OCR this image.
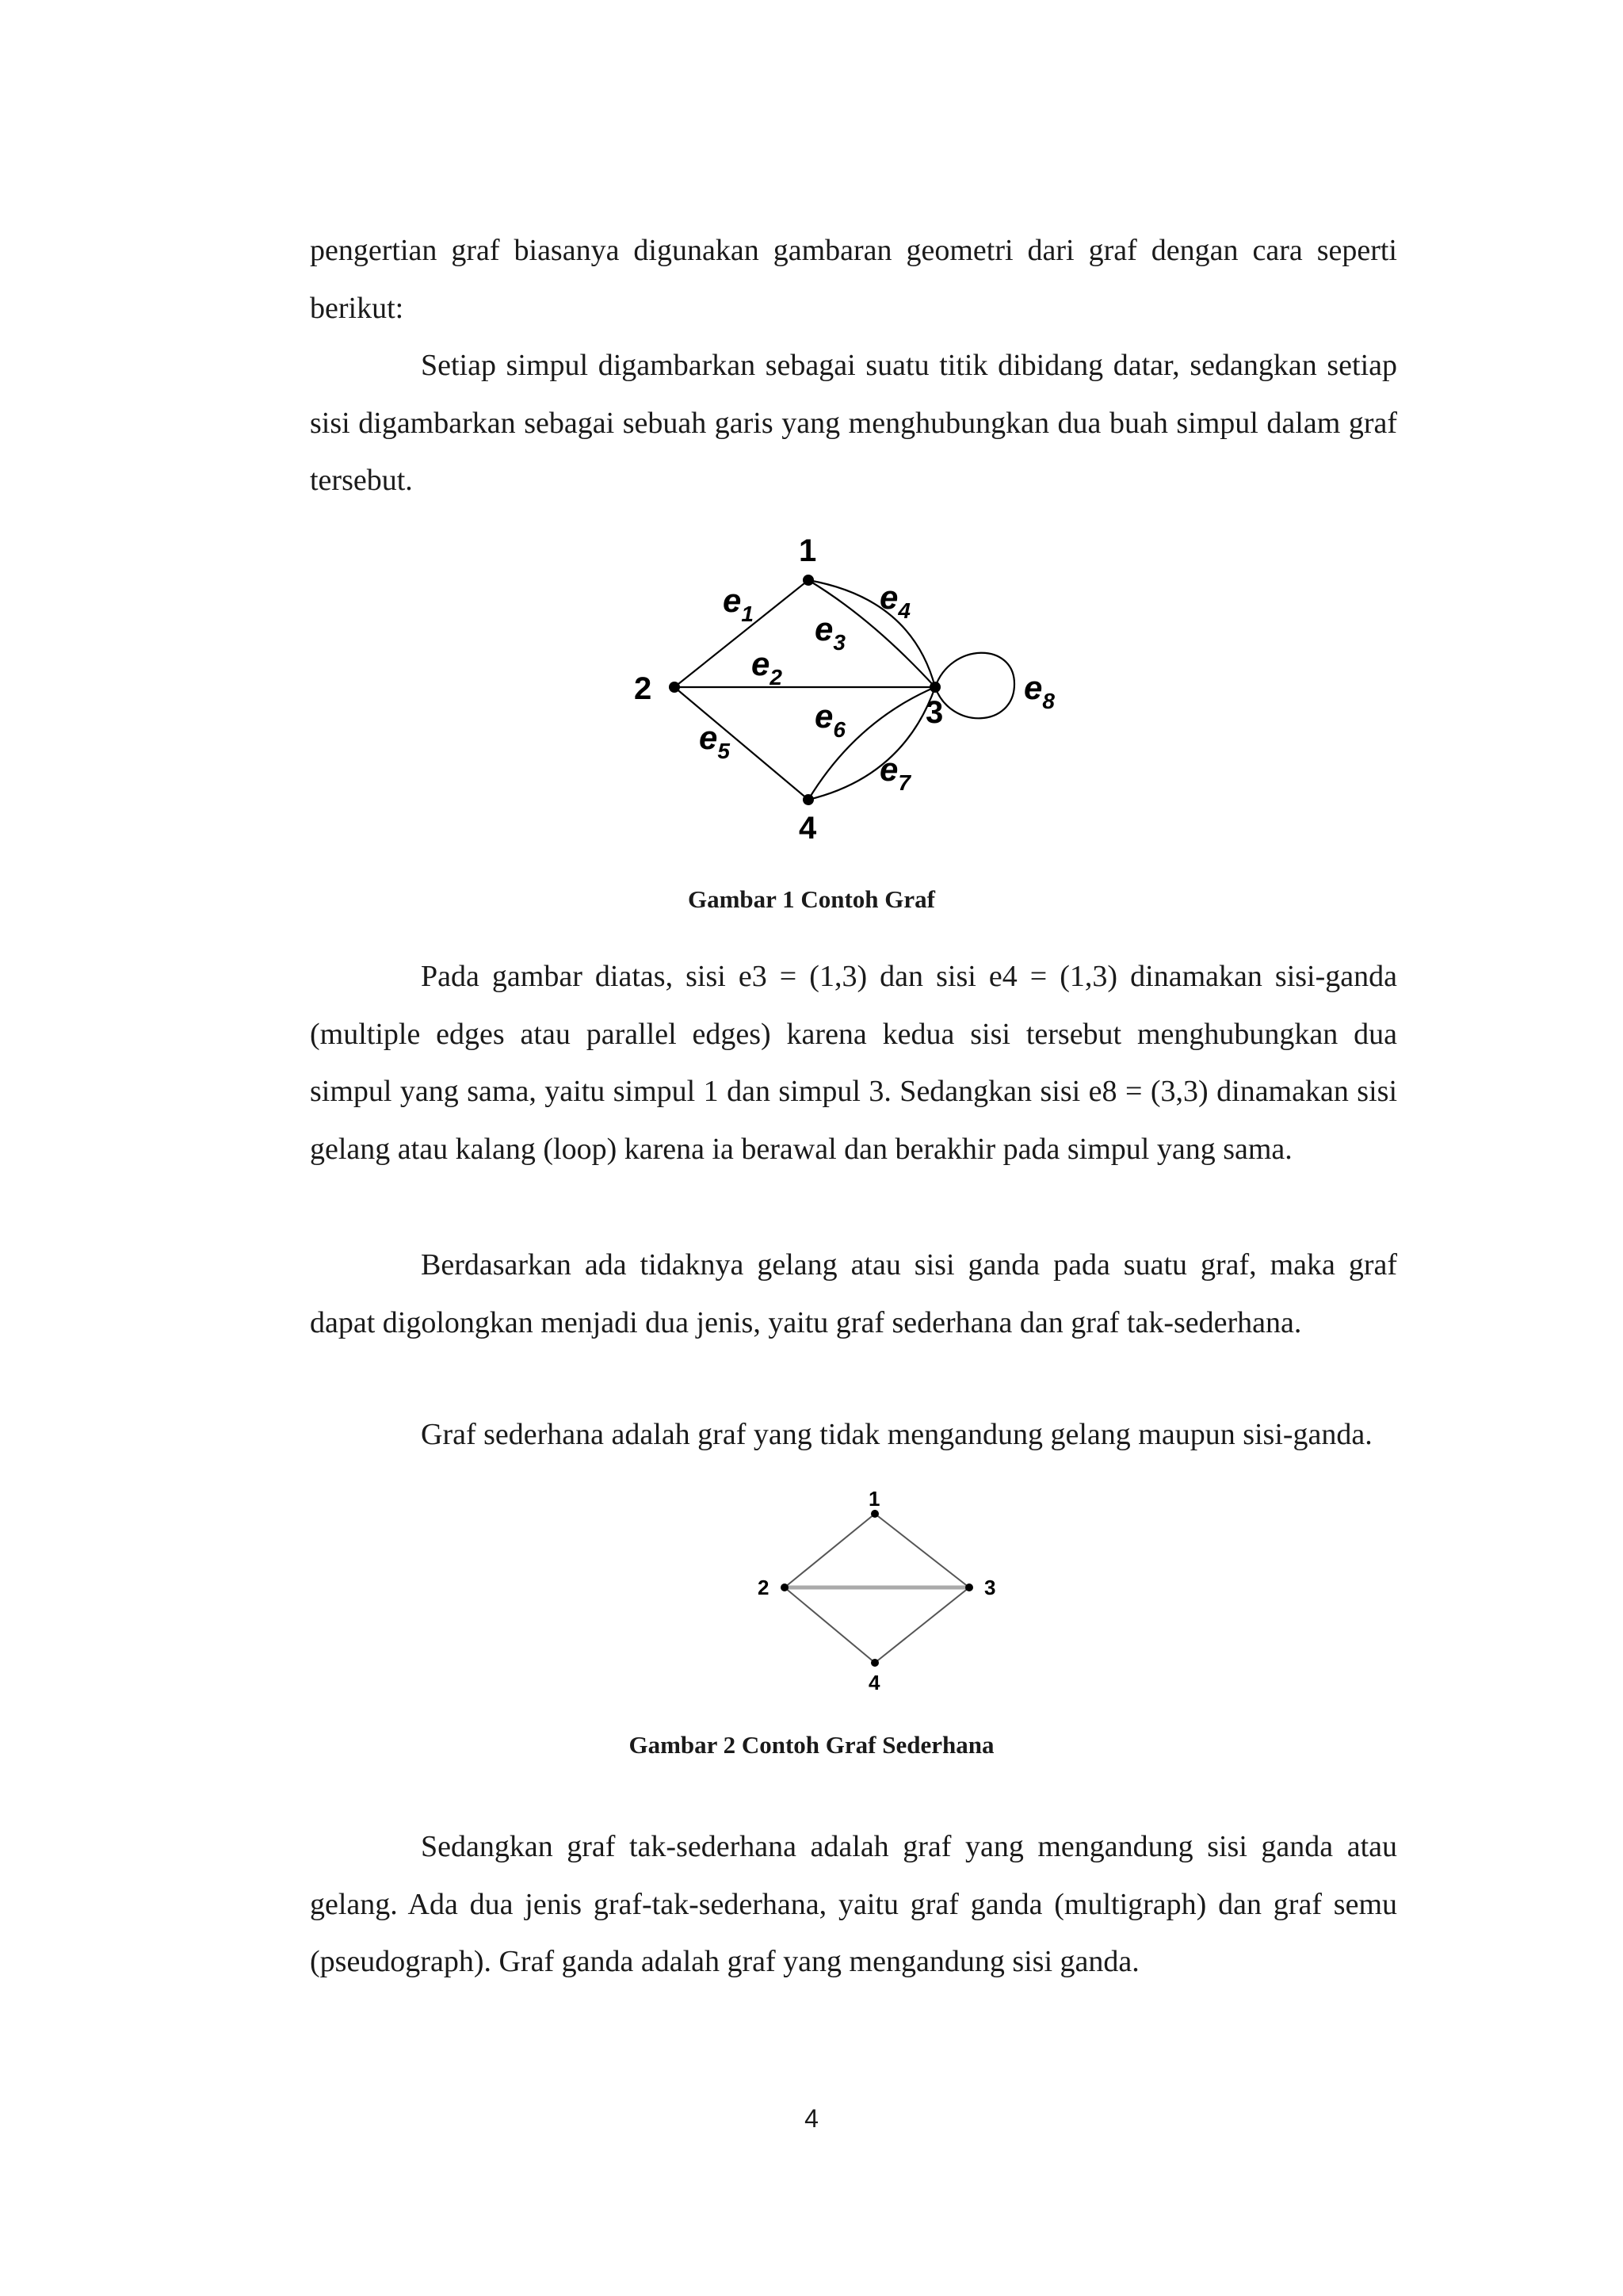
pengertian graf biasanya digunakan gambaran geometri dari graf dengan cara seperti berikut:

Setiap simpul digambarkan sebagai suatu titik dibidang datar, sedangkan setiap sisi digambarkan sebagai sebuah garis yang menghubungkan dua buah simpul dalam graf tersebut.

1
2
3
4
$e_1$
$e_2$
$e_3$
$e_4$
$e_5$
$e_6$
$e_7$
$e_8$

Gambar 1 Contoh Graf

Pada gambar diatas, sisi e3 = (1,3) dan sisi e4 = (1,3) dinamakan sisi-ganda (multiple edges atau parallel edges) karena kedua sisi tersebut menghubungkan dua simpul yang sama, yaitu simpul 1 dan simpul 3. Sedangkan sisi e8 = (3,3) dinamakan sisi gelang atau kalang (loop) karena ia berawal dan berakhir pada simpul yang sama.

Berdasarkan ada tidaknya gelang atau sisi ganda pada suatu graf, maka graf dapat digolongkan menjadi dua jenis, yaitu graf sederhana dan graf tak-sederhana.

Graf sederhana adalah graf yang tidak mengandung gelang maupun sisi-ganda.

1
2	3
4

Gambar 2 Contoh Graf Sederhana

Sedangkan graf tak-sederhana adalah graf yang mengandung sisi ganda atau gelang. Ada dua jenis graf-tak-sederhana, yaitu graf ganda (multigraph) dan graf semu (pseudograph). Graf ganda adalah graf yang mengandung sisi ganda.

4
